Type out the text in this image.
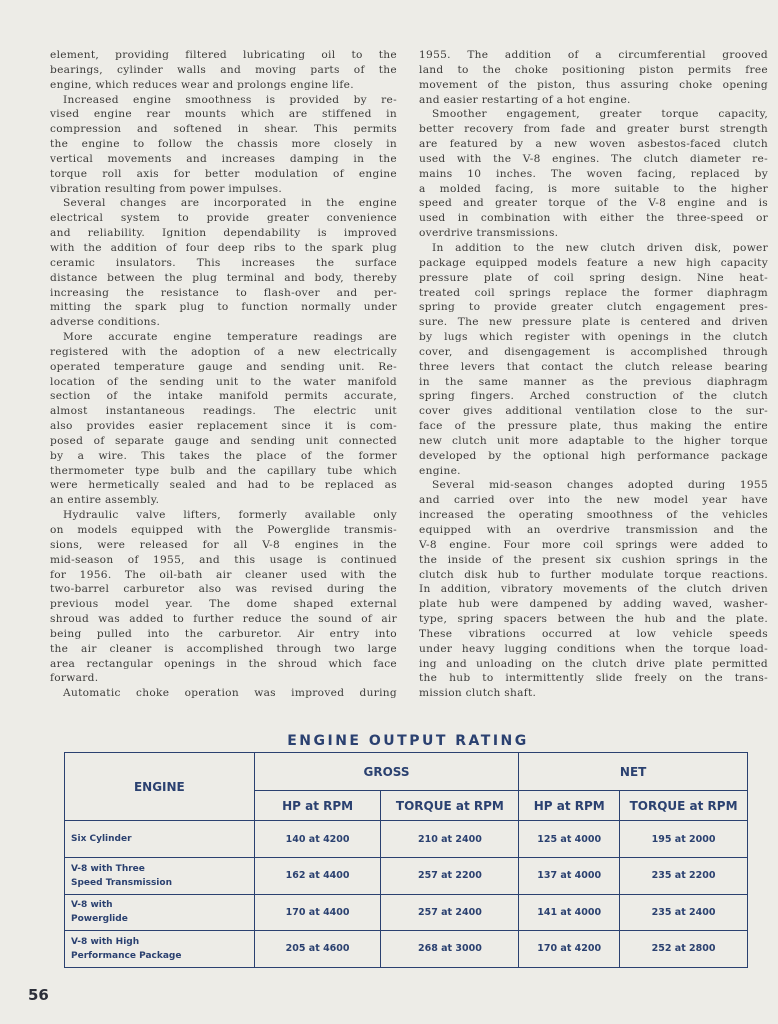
element, providing filtered lubricating oil to the
bearings, cylinder walls and moving parts of the
engine, which reduces wear and prolongs engine life.
Increased engine smoothness is provided by re-
vised engine rear mounts which are stiffened in
compression and softened in shear. This permits
the engine to follow the chassis more closely in
vertical movements and increases damping in the
torque roll axis for better modulation of engine
vibration resulting from power impulses.
Several changes are incorporated in the engine
electrical system to provide greater convenience
and reliability. Ignition dependability is improved
with the addition of four deep ribs to the spark plug
ceramic insulators. This increases the surface
distance between the plug terminal and body, thereby
increasing the resistance to flash-over and per-
mitting the spark plug to function normally under
adverse conditions.
More accurate engine temperature readings are
registered with the adoption of a new electrically
operated temperature gauge and sending unit. Re-
location of the sending unit to the water manifold
section of the intake manifold permits accurate,
almost instantaneous readings. The electric unit
also provides easier replacement since it is com-
posed of separate gauge and sending unit connected
by a wire. This takes the place of the former
thermometer type bulb and the capillary tube which
were hermetically sealed and had to be replaced as
an entire assembly.
Hydraulic valve lifters, formerly available only
on models equipped with the Powerglide transmis-
sions, were released for all V-8 engines in the
mid-season of 1955, and this usage is continued
for 1956. The oil-bath air cleaner used with the
two-barrel carburetor also was revised during the
previous model year. The dome shaped external
shroud was added to further reduce the sound of air
being pulled into the carburetor. Air entry into
the air cleaner is accomplished through two large
area rectangular openings in the shroud which face
forward.
Automatic choke operation was improved during
1955. The addition of a circumferential grooved
land to the choke positioning piston permits free
movement of the piston, thus assuring choke opening
and easier restarting of a hot engine.
Smoother engagement, greater torque capacity,
better recovery from fade and greater burst strength
are featured by a new woven asbestos-faced clutch
used with the V-8 engines. The clutch diameter re-
mains 10 inches. The woven facing, replaced by
a molded facing, is more suitable to the higher
speed and greater torque of the V-8 engine and is
used in combination with either the three-speed or
overdrive transmissions.
In addition to the new clutch driven disk, power
package equipped models feature a new high capacity
pressure plate of coil spring design. Nine heat-
treated coil springs replace the former diaphragm
spring to provide greater clutch engagement pres-
sure. The new pressure plate is centered and driven
by lugs which register with openings in the clutch
cover, and disengagement is accomplished through
three levers that contact the clutch release bearing
in the same manner as the previous diaphragm
spring fingers. Arched construction of the clutch
cover gives additional ventilation close to the sur-
face of the pressure plate, thus making the entire
new clutch unit more adaptable to the higher torque
developed by the optional high performance package
engine.
Several mid-season changes adopted during 1955
and carried over into the new model year have
increased the operating smoothness of the vehicles
equipped with an overdrive transmission and the
V-8 engine. Four more coil springs were added to
the inside of the present six cushion springs in the
clutch disk hub to further modulate torque reactions.
In addition, vibratory movements of the clutch driven
plate hub were dampened by adding waved, washer-
type, spring spacers between the hub and the plate.
These vibrations occurred at low vehicle speeds
under heavy lugging conditions when the torque load-
ing and unloading on the clutch drive plate permitted
the hub to intermittently slide freely on the trans-
mission clutch shaft.
ENGINE OUTPUT RATING
ENGINE	GROSS		NET	
	HP at RPM	TORQUE at RPM	HP at RPM	TORQUE at RPM

Six Cylinder	140 at 4200	210 at 2400	125 at 4000	195 at 2000

V-8 with Three
Speed Transmission	162 at 4400	257 at 2200	137 at 4000	235 at 2200

V-8 with
Powerglide	170 at 4400	257 at 2400	141 at 4000	235 at 2400

V-8 with High
Performance Package	205 at 4600	268 at 3000	170 at 4200	252 at 2800
56
